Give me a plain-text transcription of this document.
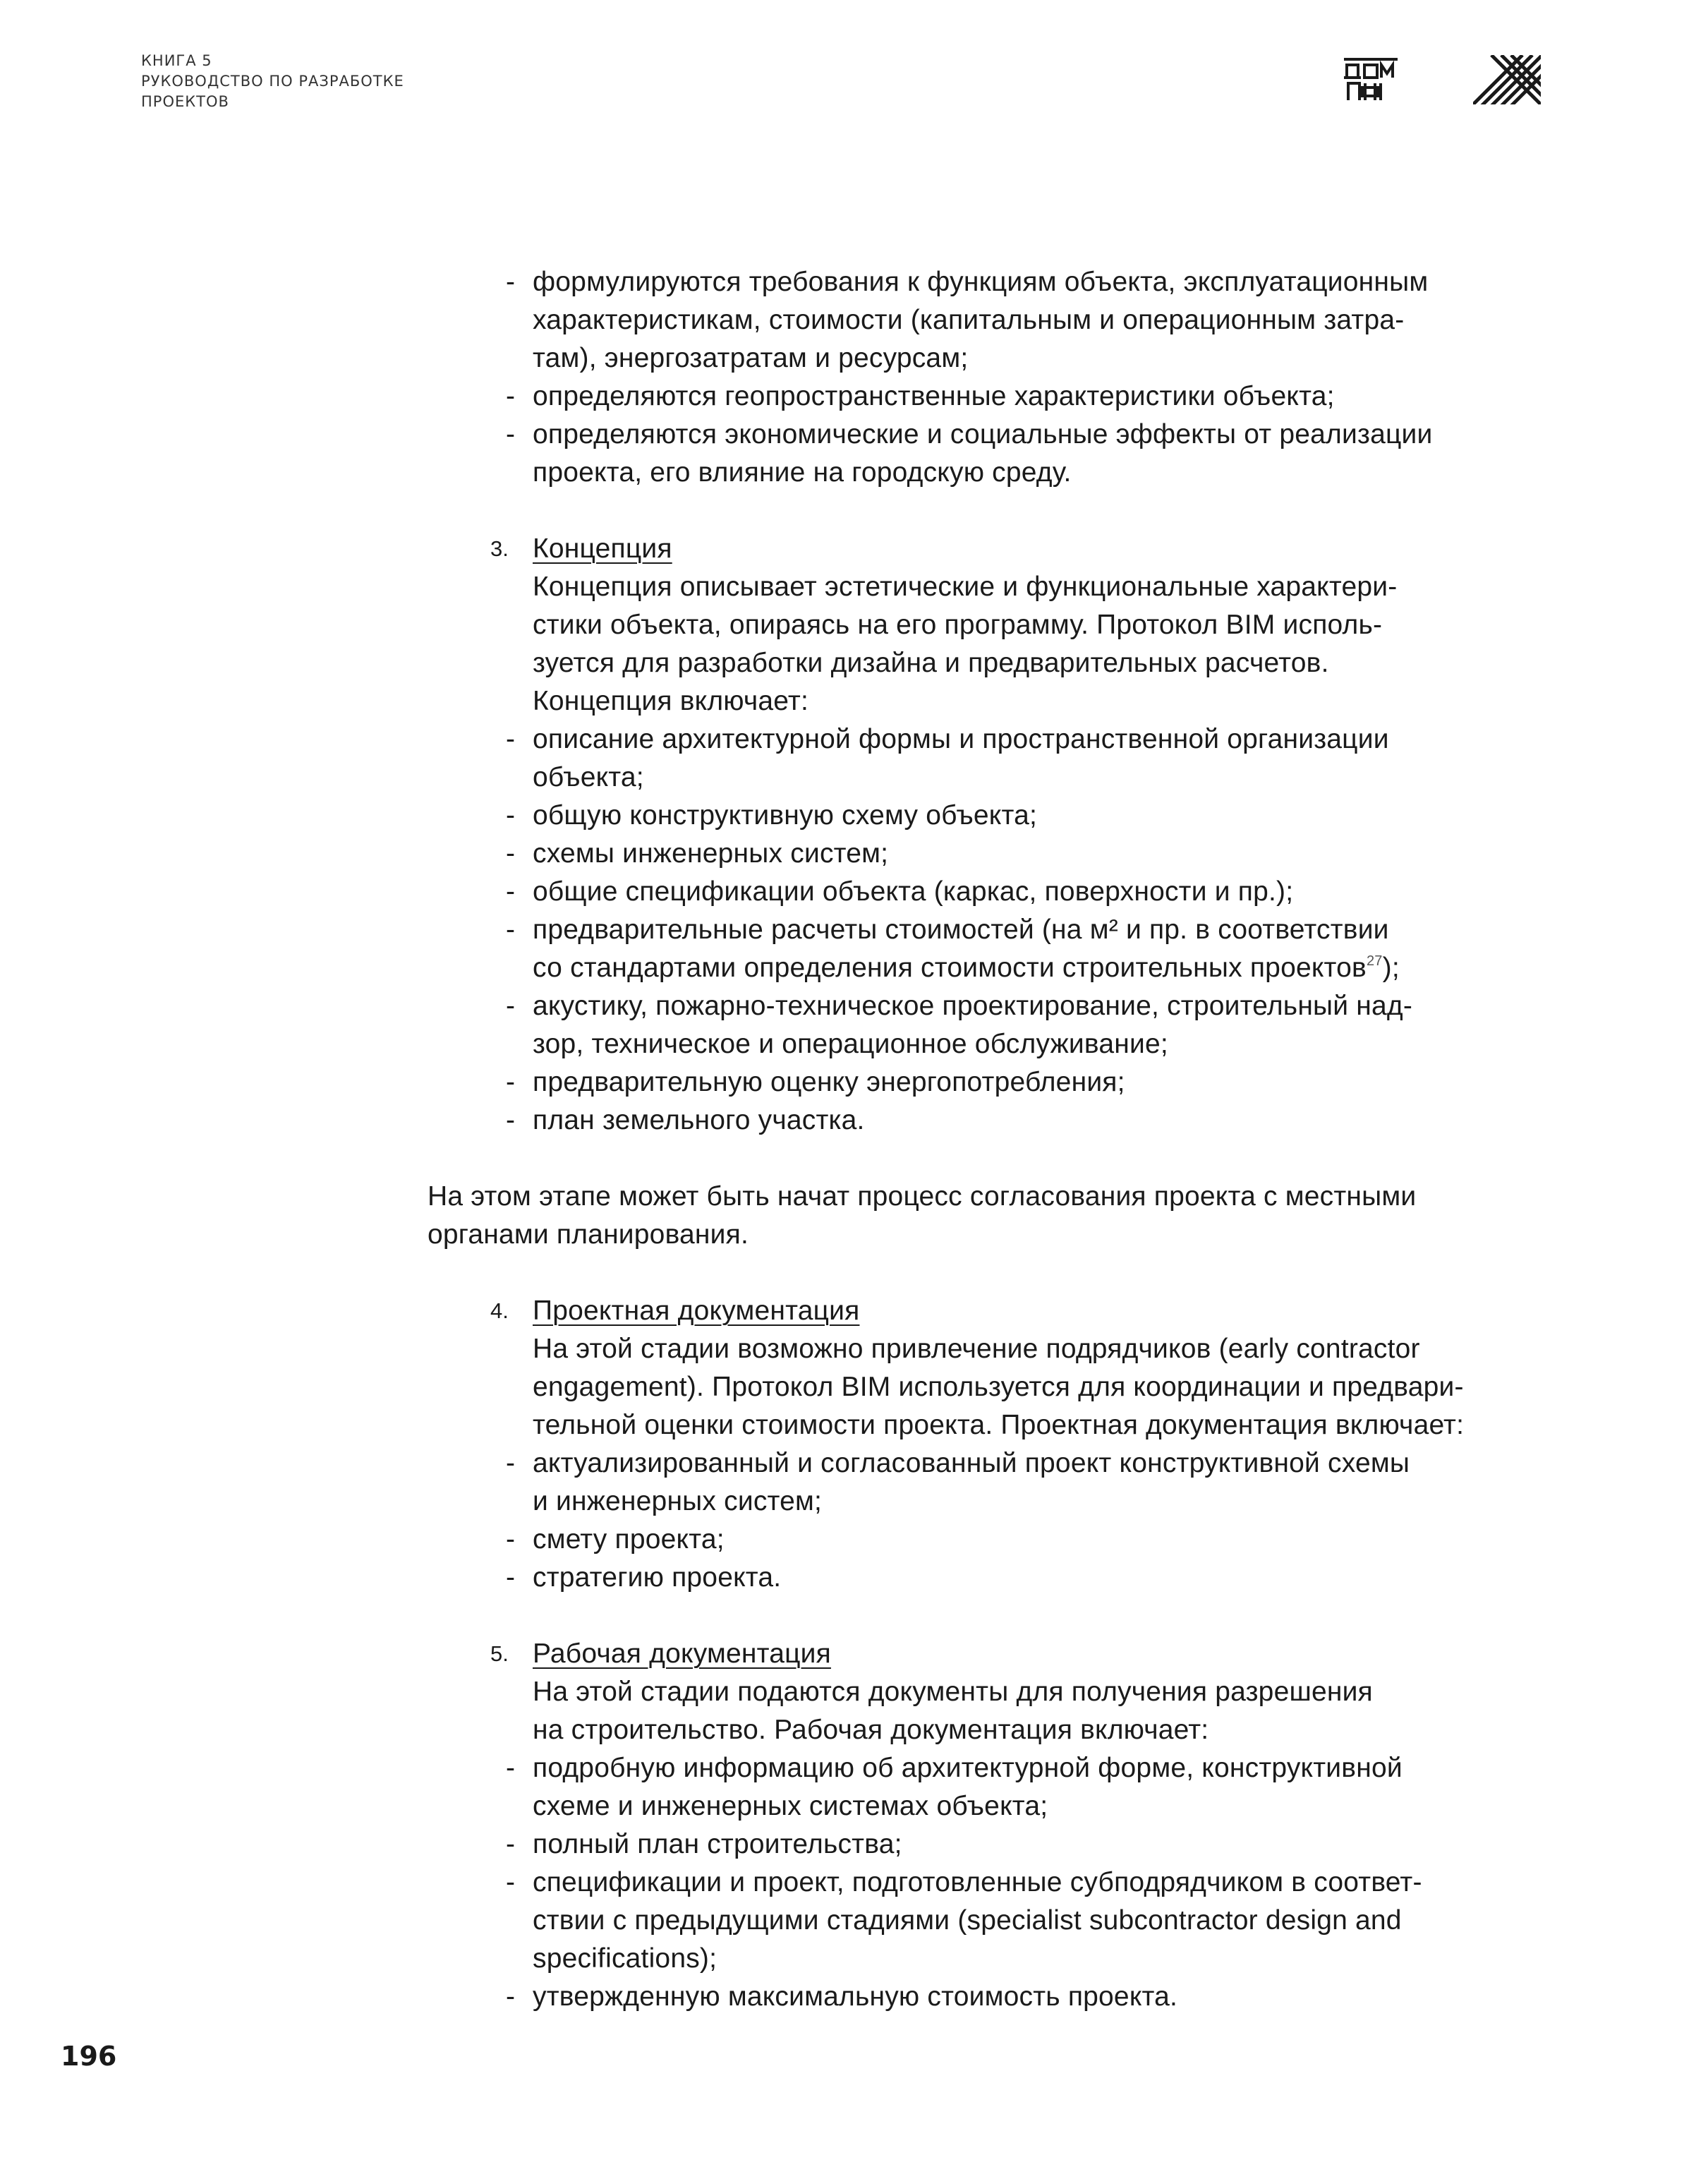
КНИГА 5
РУКОВОДСТВО ПО РАЗРАБОТКЕ
ПРОЕКТОВ
- формулируются требования к функциям объекта, эксплуатационным
характеристикам, стоимости (капитальным и операционным затра-
там), энергозатратам и ресурсам;
- определяются геопространственные характеристики объекта;
- определяются экономические и социальные эффекты от реализации
проекта, его влияние на городскую среду.
3. Концепция
Концепция описывает эстетические и функциональные характери-
стики объекта, опираясь на его программу. Протокол BIM исполь-
зуется для разработки дизайна и предварительных расчетов.
Концепция включает:
- описание архитектурной формы и пространственной организации
объекта;
- общую конструктивную схему объекта;
- схемы инженерных систем;
- общие спецификации объекта (каркас, поверхности и пр.);
- предварительные расчеты стоимостей (на м² и пр. в соответствии
со стандартами определения стоимости строительных проектов$^{27}$);
- акустику, пожарно-техническое проектирование, строительный над-
зор, техническое и операционное обслуживание;
- предварительную оценку энергопотребления;
- план земельного участка.
На этом этапе может быть начат процесс согласования проекта с местными
органами планирования.
4. Проектная документация
На этой стадии возможно привлечение подрядчиков (early contractor
engagement). Протокол BIM используется для координации и предвари-
тельной оценки стоимости проекта. Проектная документация включает:
- актуализированный и согласованный проект конструктивной схемы
и инженерных систем;
- смету проекта;
- стратегию проекта.
5. Рабочая документация
На этой стадии подаются документы для получения разрешения
на строительство. Рабочая документация включает:
- подробную информацию об архитектурной форме, конструктивной
схеме и инженерных системах объекта;
- полный план строительства;
- спецификации и проект, подготовленные субподрядчиком в соответ-
ствии с предыдущими стадиями (specialist subcontractor design and
specifications);
- утвержденную максимальную стоимость проекта.
196
